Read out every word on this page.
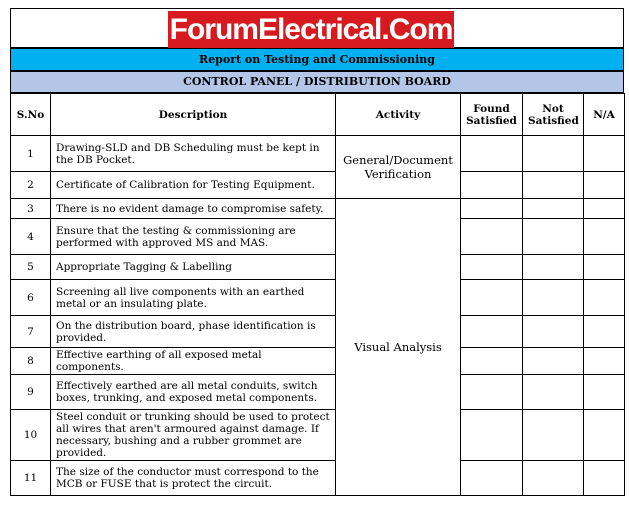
ForumElectrical.Com
Report on Testing and Commissioning
CONTROL PANEL / DISTRIBUTION BOARD
S.No	Description	Activity	Found Satisfied	Not Satisfied	N/A
1	Drawing-SLD and DB Scheduling must be kept in the DB Pocket.	General/Document Verification			
2	Certificate of Calibration for Testing Equipment.				
3	There is no evident damage to compromise safety.	Visual Analysis			
4	Ensure that the testing & commissioning are performed with approved MS and MAS.				
5	Appropriate Tagging & Labelling				
6	Screening all live components with an earthed metal or an insulating plate.				
7	On the distribution board, phase identification is provided.				
8	Effective earthing of all exposed metal components.				
9	Effectively earthed are all metal conduits, switch boxes, trunking, and exposed metal components.				
10	Steel conduit or trunking should be used to protect all wires that aren't armoured against damage. If necessary, bushing and a rubber grommet are provided.				
11	The size of the conductor must correspond to the MCB or FUSE that is protect the circuit.				
